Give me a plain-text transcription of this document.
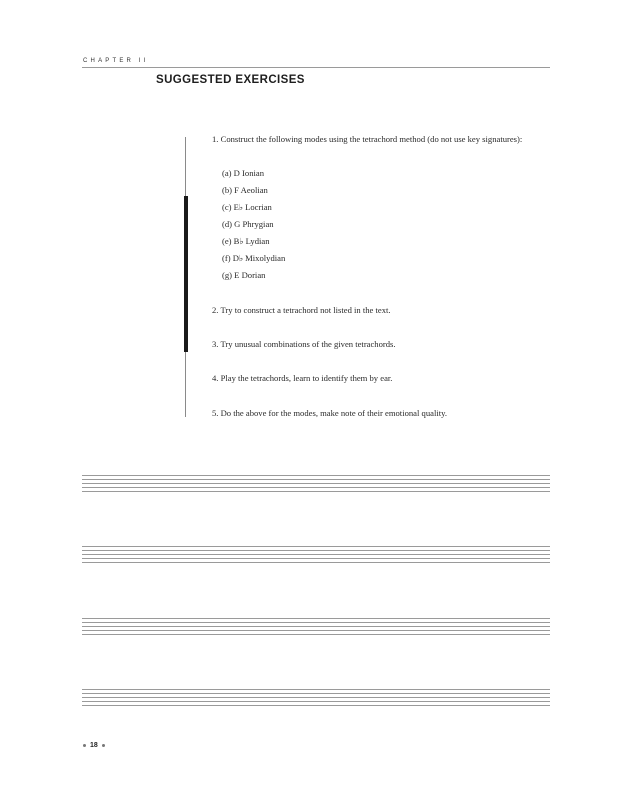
CHAPTER II
SUGGESTED EXERCISES
1. Construct the following modes using the tetrachord method (do not use key signatures):
(a) D Ionian
(b) F Aeolian
(c) E♭ Locrian
(d) G Phrygian
(e) B♭ Lydian
(f) D♭ Mixolydian
(g) E Dorian
2. Try to construct a tetrachord not listed in the text.
3. Try unusual combinations of the given tetrachords.
4. Play the tetrachords, learn to identify them by ear.
5. Do the above for the modes, make note of their emotional quality.
18
